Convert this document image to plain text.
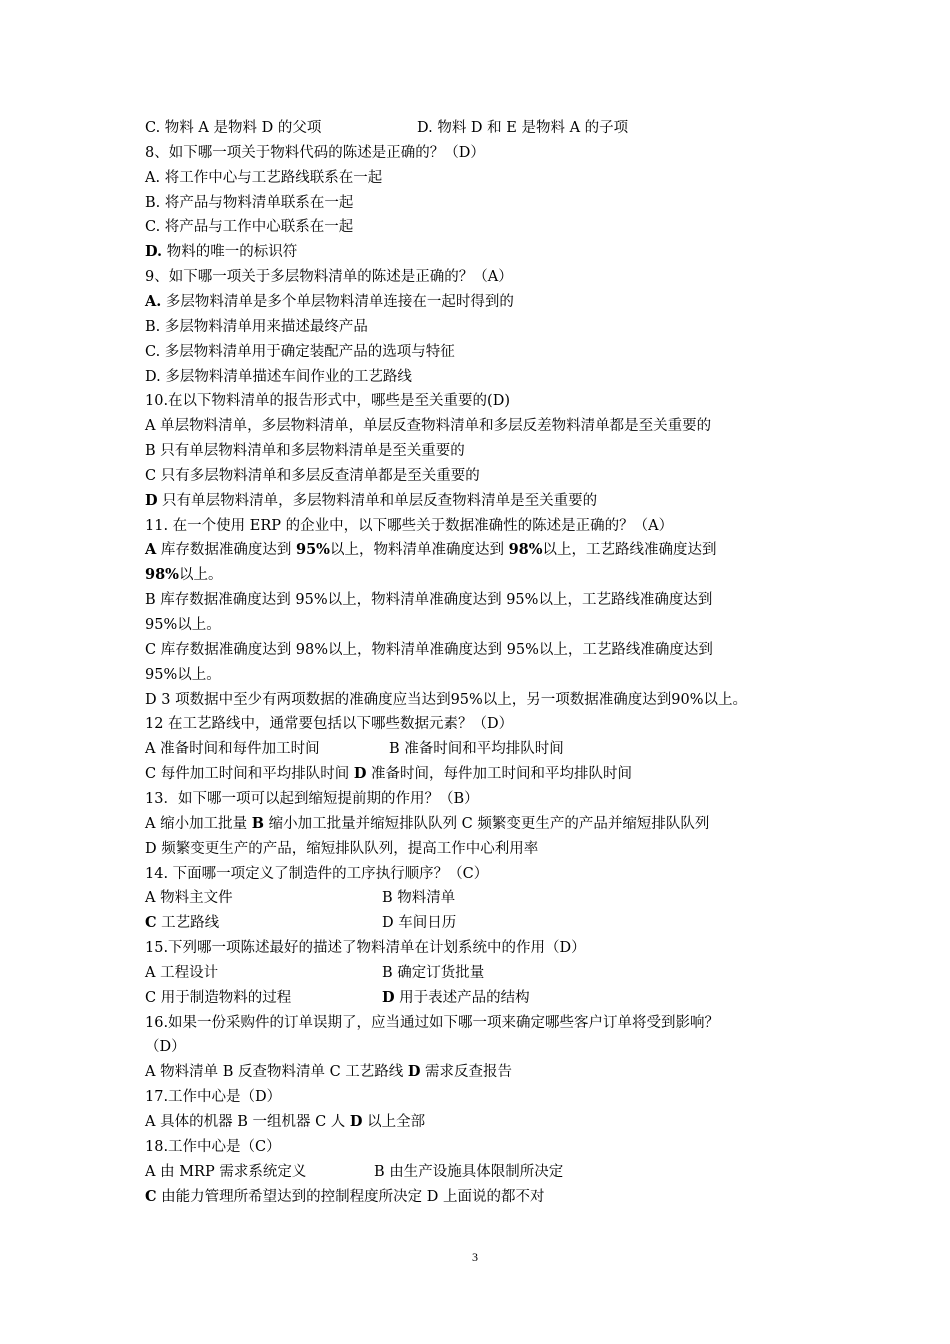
C. 物料 A 是物料 D 的父项	D. 物料 D 和 E 是物料 A 的子项
8、如下哪一项关于物料代码的陈述是正确的？（D）
A. 将工作中心与工艺路线联系在一起
B. 将产品与物料清单联系在一起
C. 将产品与工作中心联系在一起
D. 物料的唯一的标识符
9、如下哪一项关于多层物料清单的陈述是正确的？（A）
A. 多层物料清单是多个单层物料清单连接在一起时得到的
B. 多层物料清单用来描述最终产品
C. 多层物料清单用于确定装配产品的选项与特征
D. 多层物料清单描述车间作业的工艺路线
10.在以下物料清单的报告形式中，哪些是至关重要的(D)
A 单层物料清单，多层物料清单，单层反查物料清单和多层反差物料清单都是至关重要的
B 只有单层物料清单和多层物料清单是至关重要的
C 只有多层物料清单和多层反查清单都是至关重要的
D 只有单层物料清单，多层物料清单和单层反查物料清单是至关重要的
11. 在一个使用 ERP 的企业中，以下哪些关于数据准确性的陈述是正确的？（A）
A 库存数据准确度达到 95%以上，物料清单准确度达到 98%以上，工艺路线准确度达到
98%以上。
B 库存数据准确度达到 95%以上，物料清单准确度达到 95%以上，工艺路线准确度达到
95%以上。
C 库存数据准确度达到 98%以上，物料清单准确度达到 95%以上，工艺路线准确度达到
95%以上。
D 3 项数据中至少有两项数据的准确度应当达到95%以上，另一项数据准确度达到90%以上。
12 在工艺路线中，通常要包括以下哪些数据元素？（D）
A 准备时间和每件加工时间	B 准备时间和平均排队时间
C 每件加工时间和平均排队时间 D 准备时间，每件加工时间和平均排队时间
13．如下哪一项可以起到缩短提前期的作用？（B）
A 缩小加工批量 B 缩小加工批量并缩短排队队列 C 频繁变更生产的产品并缩短排队队列
D 频繁变更生产的产品，缩短排队队列，提高工作中心利用率
14. 下面哪一项定义了制造件的工序执行顺序？（C）
A 物料主文件	B 物料清单
C 工艺路线	D 车间日历
15.下列哪一项陈述最好的描述了物料清单在计划系统中的作用（D）
A 工程设计	B 确定订货批量
C 用于制造物料的过程	D 用于表述产品的结构
16.如果一份采购件的订单误期了，应当通过如下哪一项来确定哪些客户订单将受到影响？
（D）
A 物料清单 B 反查物料清单 C 工艺路线 D 需求反查报告
17.工作中心是（D）
A 具体的机器 B 一组机器 C 人 D 以上全部
18.工作中心是（C）
A 由 MRP 需求系统定义	B 由生产设施具体限制所决定
C 由能力管理所希望达到的控制程度所决定 D 上面说的都不对
3
